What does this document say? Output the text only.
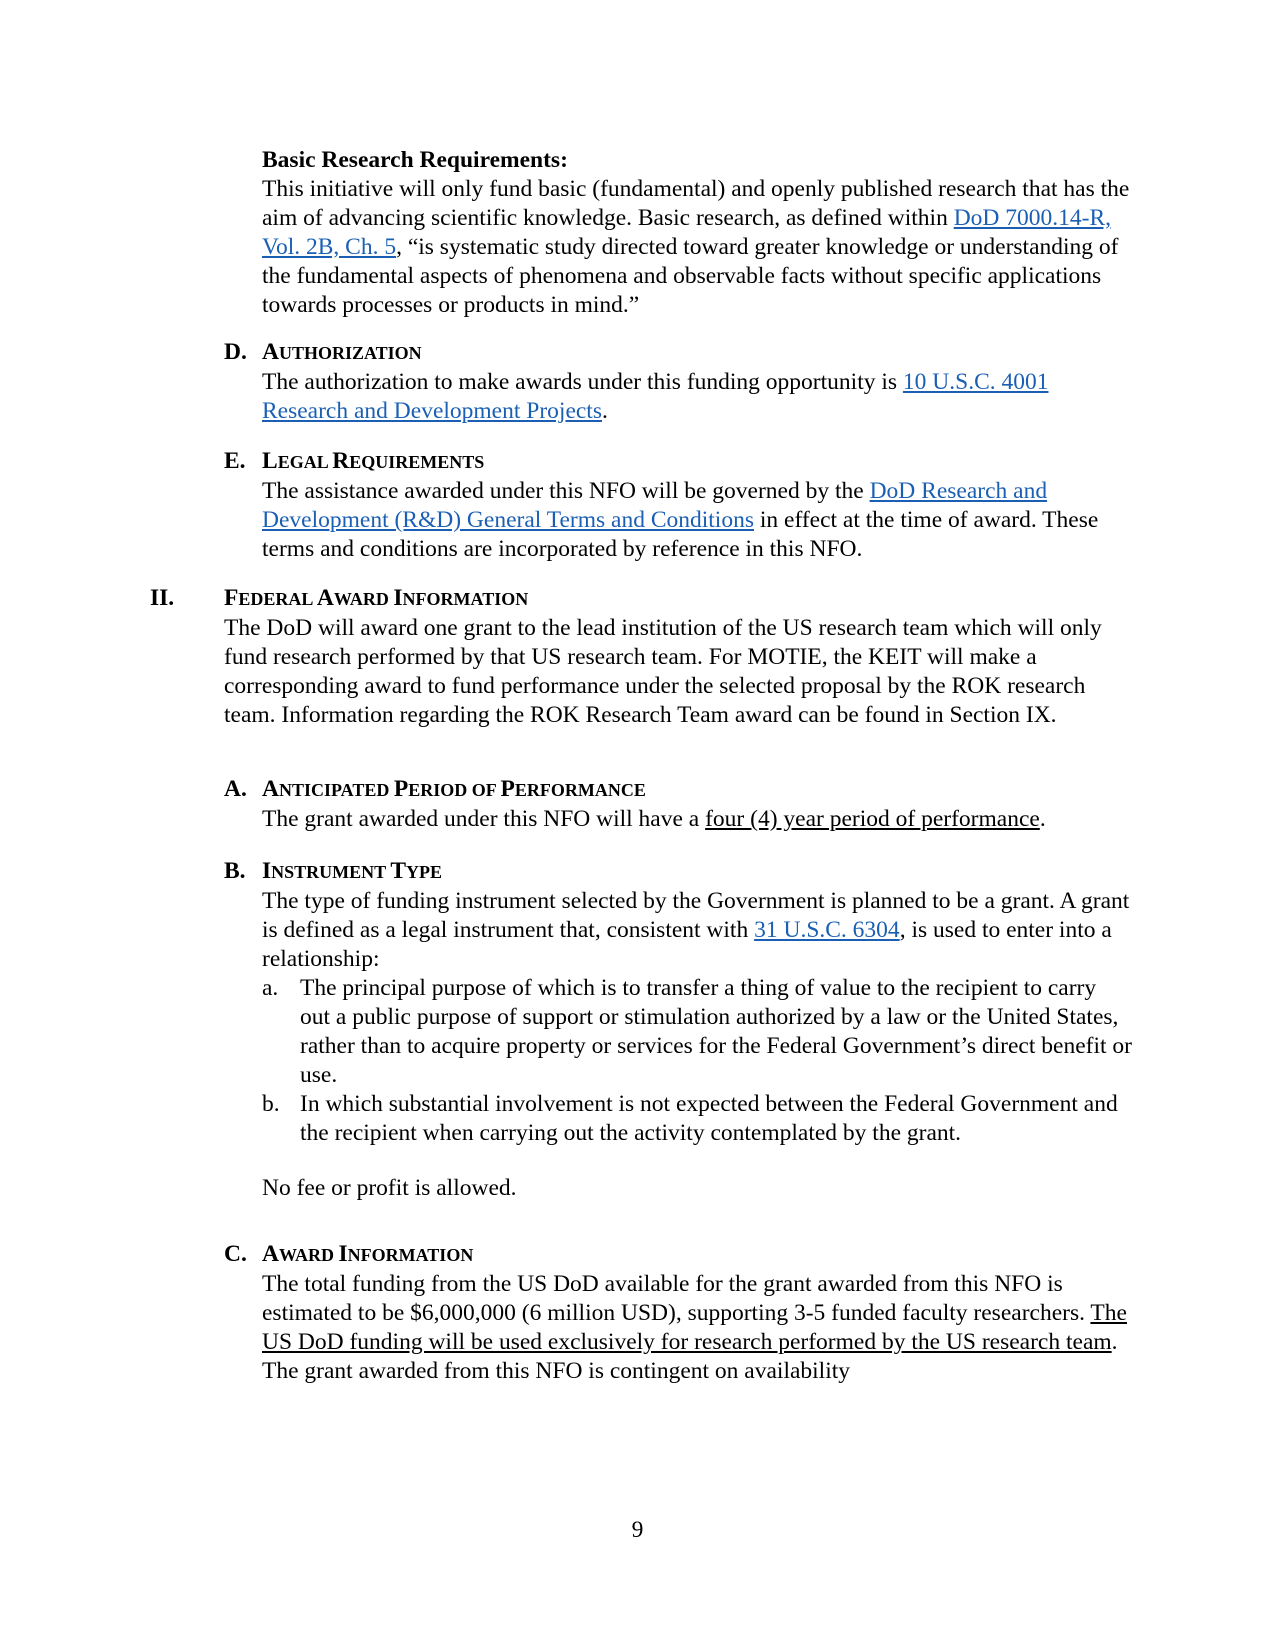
Basic Research Requirements:

This initiative will only fund basic (fundamental) and openly published research that has the aim of advancing scientific knowledge. Basic research, as defined within DoD 7000.14-R, Vol. 2B, Ch. 5, “is systematic study directed toward greater knowledge or understanding of the fundamental aspects of phenomena and observable facts without specific applications towards processes or products in mind.”

D. AUTHORIZATION

The authorization to make awards under this funding opportunity is 10 U.S.C. 4001 Research and Development Projects.

E. LEGAL REQUIREMENTS

The assistance awarded under this NFO will be governed by the DoD Research and Development (R&D) General Terms and Conditions in effect at the time of award. These terms and conditions are incorporated by reference in this NFO.

II. FEDERAL AWARD INFORMATION

The DoD will award one grant to the lead institution of the US research team which will only fund research performed by that US research team. For MOTIE, the KEIT will make a corresponding award to fund performance under the selected proposal by the ROK research team. Information regarding the ROK Research Team award can be found in Section IX.

A. ANTICIPATED PERIOD OF PERFORMANCE

The grant awarded under this NFO will have a four (4) year period of performance.

B. INSTRUMENT TYPE

The type of funding instrument selected by the Government is planned to be a grant. A grant is defined as a legal instrument that, consistent with 31 U.S.C. 6304, is used to enter into a relationship:

a. The principal purpose of which is to transfer a thing of value to the recipient to carry out a public purpose of support or stimulation authorized by a law or the United States, rather than to acquire property or services for the Federal Government’s direct benefit or use.
b. In which substantial involvement is not expected between the Federal Government and the recipient when carrying out the activity contemplated by the grant.

No fee or profit is allowed.

C. AWARD INFORMATION

The total funding from the US DoD available for the grant awarded from this NFO is estimated to be $6,000,000 (6 million USD), supporting 3-5 funded faculty researchers. The US DoD funding will be used exclusively for research performed by the US research team. The grant awarded from this NFO is contingent on availability

9
